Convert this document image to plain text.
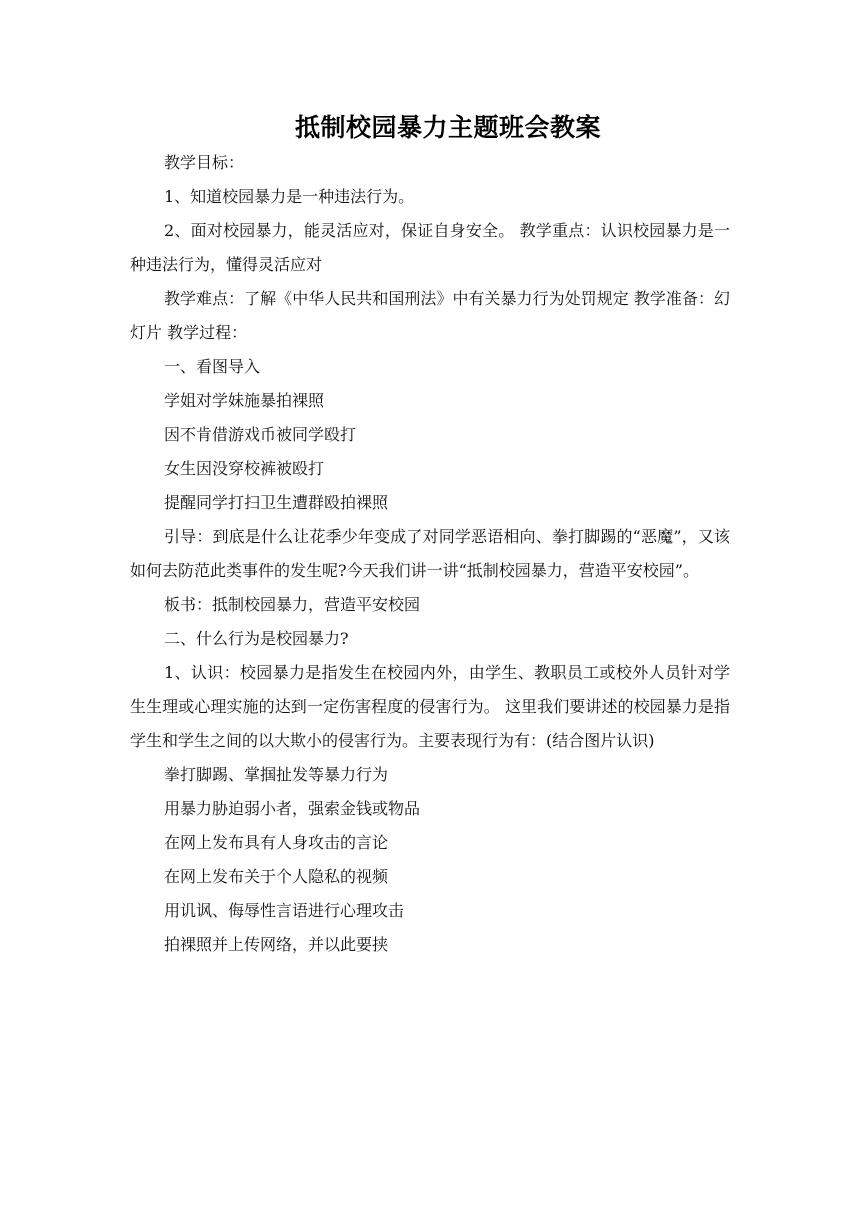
抵制校园暴力主题班会教案

教学目标：

1、知道校园暴力是一种违法行为。

2、面对校园暴力，能灵活应对，保证自身安全。 教学重点：认识校园暴力是一种违法行为，懂得灵活应对

教学难点：了解《中华人民共和国刑法》中有关暴力行为处罚规定 教学准备：幻灯片 教学过程：

一、看图导入

学姐对学妹施暴拍裸照

因不肯借游戏币被同学殴打

女生因没穿校裤被殴打

提醒同学打扫卫生遭群殴拍裸照

引导：到底是什么让花季少年变成了对同学恶语相向、拳打脚踢的“恶魔”，又该如何去防范此类事件的发生呢?今天我们讲一讲“抵制校园暴力，营造平安校园”。

板书：抵制校园暴力，营造平安校园

二、什么行为是校园暴力?

1、认识：校园暴力是指发生在校园内外，由学生、教职员工或校外人员针对学生生理或心理实施的达到一定伤害程度的侵害行为。 这里我们要讲述的校园暴力是指学生和学生之间的以大欺小的侵害行为。主要表现行为有：(结合图片认识)

拳打脚踢、掌掴扯发等暴力行为

用暴力胁迫弱小者，强索金钱或物品

在网上发布具有人身攻击的言论

在网上发布关于个人隐私的视频

用讥讽、侮辱性言语进行心理攻击

拍裸照并上传网络，并以此要挟
